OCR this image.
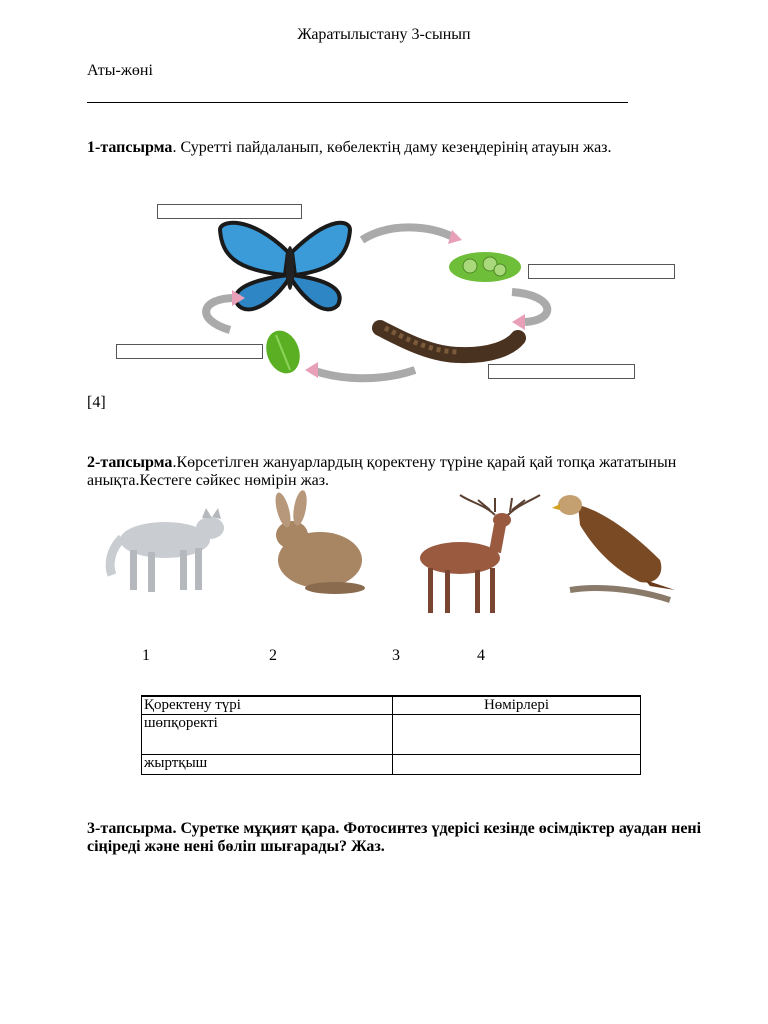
Жаратылыстану 3-сынып
Аты-жөні
1-тапсырма. Суретті пайдаланып, көбелектің даму кезеңдерінің атауын жаз.
[4]
2-тапсырма.Көрсетілген жануарлардың қоректену түріне қарай қай топқа жататынын анықта.Кестеге сәйкес нөмірін жаз.
1	2	3	4
Қоректену түрі	Нөмірлері
шөпқоректі	
жыртқыш	
3-тапсырма. Суретке мұқият қара. Фотосинтез үдерісі кезінде өсімдіктер ауадан нені сіңіреді және нені бөліп шығарады? Жаз.
